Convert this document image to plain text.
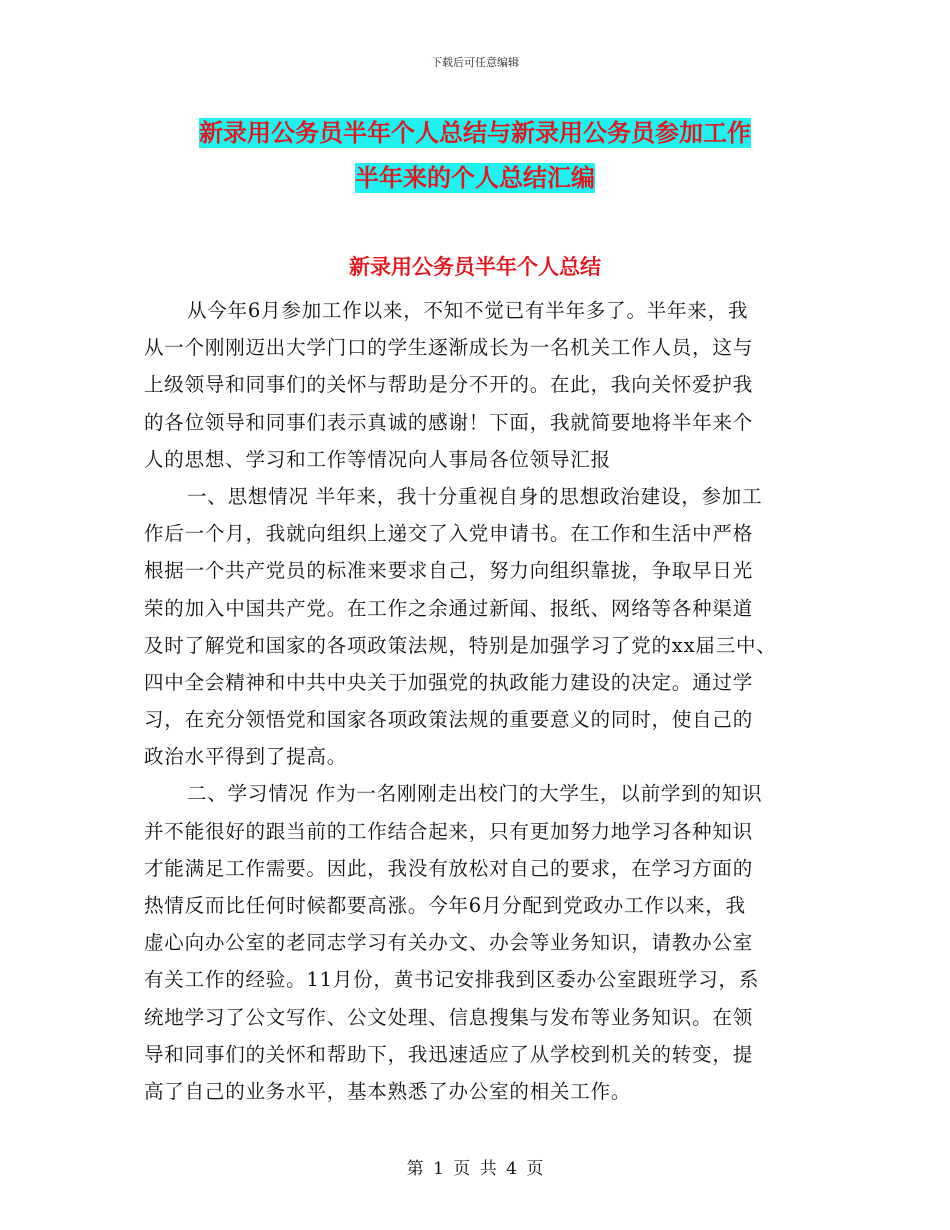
下载后可任意编辑
新录用公务员半年个人总结与新录用公务员参加工作
半年来的个人总结汇编
新录用公务员半年个人总结
从今年6月参加工作以来，不知不觉已有半年多了。半年来，我
从一个刚刚迈出大学门口的学生逐渐成长为一名机关工作人员，这与
上级领导和同事们的关怀与帮助是分不开的。在此，我向关怀爱护我
的各位领导和同事们表示真诚的感谢！下面，我就简要地将半年来个
人的思想、学习和工作等情况向人事局各位领导汇报
一、思想情况 半年来，我十分重视自身的思想政治建设，参加工
作后一个月，我就向组织上递交了入党申请书。在工作和生活中严格
根据一个共产党员的标准来要求自己，努力向组织靠拢，争取早日光
荣的加入中国共产党。在工作之余通过新闻、报纸、网络等各种渠道
及时了解党和国家的各项政策法规，特别是加强学习了党的xx届三中、
四中全会精神和中共中央关于加强党的执政能力建设的决定。通过学
习，在充分领悟党和国家各项政策法规的重要意义的同时，使自己的
政治水平得到了提高。
二、学习情况 作为一名刚刚走出校门的大学生，以前学到的知识
并不能很好的跟当前的工作结合起来，只有更加努力地学习各种知识
才能满足工作需要。因此，我没有放松对自己的要求，在学习方面的
热情反而比任何时候都要高涨。今年6月分配到党政办工作以来，我
虚心向办公室的老同志学习有关办文、办会等业务知识，请教办公室
有关工作的经验。11月份，黄书记安排我到区委办公室跟班学习，系
统地学习了公文写作、公文处理、信息搜集与发布等业务知识。在领
导和同事们的关怀和帮助下，我迅速适应了从学校到机关的转变，提
高了自己的业务水平，基本熟悉了办公室的相关工作。
第 1 页 共 4 页
